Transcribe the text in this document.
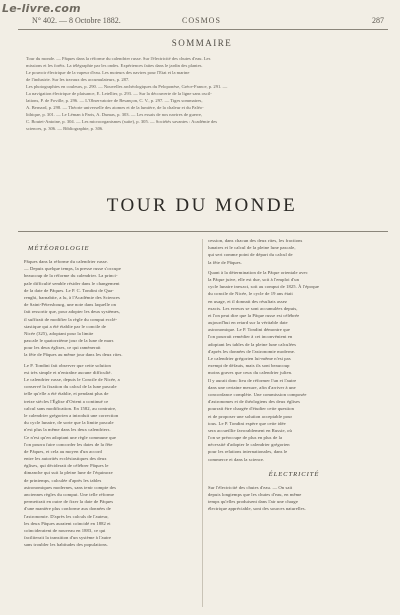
Le-livre.com
N° 402. — 8 Octobre 1882.	COSMOS	287
SOMMAIRE
Tour du monde. — Pâques dans la réforme du calendrier russe. Sur l'électricité des chutes d'eau. Les
missions et les forêts. La télégraphie par les ondes. Expériences faites dans le jardin des plantes.
Le pouvoir électrique de la vapeur d'eau. Les moteurs des navires pour l'Etat et la marine
de l'industrie. Sur les travaux des accumulateurs, p. 287.
Les photographies en couleurs, p. 290. — Nouvelles archéologiques du Peloponèse, Grèce-France, p. 291. —
La navigation électrique de plaisance, E. Letellier, p. 293. — Sur la découverte de la ligne sans oscil-
lations, P. de Foville, p. 296. — L'Observatoire de Besançon, C. V., p. 297. — Tiges sommaires,
A. Bernard, p. 298. — Théorie universelle des atomes et de la lumière, de la chaleur et du Paléo-
lithique, p. 301. — Le Léman à Paris, A. Dumas, p. 303. — Les essais de nos navires de guerre,
C. Boutet-Antoine, p. 304. — Les microorganismes (suite), p. 305. — Sociétés savantes : Académie des
sciences, p. 306. — Bibliographie, p. 306.
TOUR DU MONDE
MÉTÉOROLOGIE
Pâques dans la réforme du calendrier russe.
— Depuis quelque temps, la presse russe s'occupe
beaucoup de la réforme du calendrier. La princi-
pale difficulté semble résider dans le changement
de la date de Pâques. Le P. C. Tondini de Qua-
renghi, barnabite, a lu, à l'Académie des Sciences
de Saint-Pétersbourg, une note dans laquelle on
fait ressortir que, pour adopter les deux systèmes,
il suffirait de modifier la règle du comput ecclé-
siastique qui a été établie par le concile de
Nicée (325), adoptant pour la limite
pascale le quatorzième jour de la lune de mars
pour les deux églises, ce qui ramènerait
la fête de Pâques au même jour dans les deux rites.
Le P. Tondini fait observer que cette solution
est très simple et n'entraîne aucune difficulté.
Le calendrier russe, depuis le Concile de Nicée, a
conservé la fixation du calcul de la lune pascale
telle qu'elle a été établie, et pendant plus de
treize siècles l'Église d'Orient a continué ce
calcul sans modification. En 1582, au contraire,
le calendrier grégorien a introduit une correction
du cycle lunaire, de sorte que la limite pascale
n'est plus la même dans les deux calendriers.
Ce n'est qu'en adoptant une règle commune que
l'on pourra faire concorder les dates de la fête
de Pâques, et cela au moyen d'un accord
entre les autorités ecclésiastiques des deux
églises, qui déciderait de célébrer Pâques le
dimanche qui suit la pleine lune de l'équinoxe
de printemps, calculée d'après les tables
astronomiques modernes, sans tenir compte des
anciennes règles du comput. Une telle réforme
permettrait en outre de fixer la date de Pâques
d'une manière plus conforme aux données de
l'astronomie. D'après les calculs de l'auteur,
les deux Pâques auraient coïncidé en 1882 et
coïncideraient de nouveau en 1883, ce qui
faciliterait la transition d'un système à l'autre
sans troubler les habitudes des populations.
cession, dans chacun des deux rites, les fractions
lunaires et le calcul de la pleine lune pascale,
qui sert comme point de départ du calcul de
la fête de Pâques.
Quant à la détermination de la Pâque orientale avec
la Pâque juive, elle est due, soit à l'emploi d'un
cycle lunaire inexact, soit au comput de 1825. À l'époque
du concile de Nicée, le cycle de 19 ans était
en usage, et il donnait des résultats assez
exacts. Les erreurs se sont accumulées depuis,
et l'on peut dire que la Pâque russe est célébrée
aujourd'hui en retard sur la véritable date
astronomique. Le P. Tondini démontre que
l'on pourrait remédier à cet inconvénient en
adoptant les tables de la pleine lune calculées
d'après les données de l'astronomie moderne.
Le calendrier grégorien lui-même n'est pas
exempt de défauts, mais ils sont beaucoup
moins graves que ceux du calendrier julien.
Il y aurait donc lieu de réformer l'un et l'autre
dans une certaine mesure, afin d'arriver à une
concordance complète. Une commission composée
d'astronomes et de théologiens des deux églises
pourrait être chargée d'étudier cette question
et de proposer une solution acceptable pour
tous. Le P. Tondini espère que cette idée
sera accueillie favorablement en Russie, où
l'on se préoccupe de plus en plus de la
nécessité d'adopter le calendrier grégorien
pour les relations internationales, dans le
commerce et dans la science.
ÉLECTRICITÉ
Sur l'électricité des chutes d'eau. — On sait
depuis longtemps que les chutes d'eau, en même
temps qu'elles produisent dans l'air une charge
électrique appréciable, sont des sources naturelles.
